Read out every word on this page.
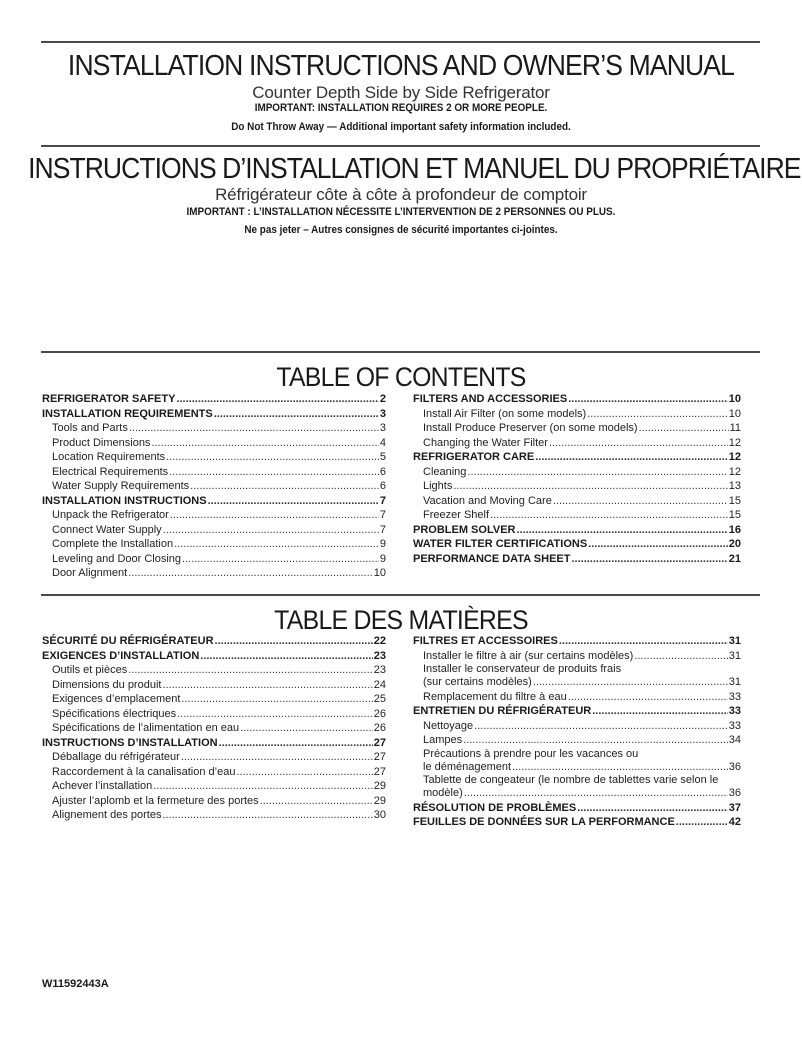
INSTALLATION INSTRUCTIONS AND OWNER’S MANUAL
Counter Depth Side by Side Refrigerator
IMPORTANT: INSTALLATION REQUIRES 2 OR MORE PEOPLE.
Do Not Throw Away — Additional important safety information included.
INSTRUCTIONS D’INSTALLATION ET MANUEL DU PROPRIÉTAIRE
Réfrigérateur côte à côte à profondeur de comptoir
IMPORTANT : L’INSTALLATION NÉCESSITE L’INTERVENTION DE 2 PERSONNES OU PLUS.
Ne pas jeter – Autres consignes de sécurité importantes ci-jointes.
TABLE OF CONTENTS
REFRIGERATOR SAFETY .....	2
INSTALLATION REQUIREMENTS .....	3
Tools and Parts .....	3
Product Dimensions .....	4
Location Requirements .....	5
Electrical Requirements .....	6
Water Supply Requirements .....	6
INSTALLATION INSTRUCTIONS .....	7
Unpack the Refrigerator .....	7
Connect Water Supply .....	7
Complete the Installation .....	9
Leveling and Door Closing .....	9
Door Alignment .....	10
FILTERS AND ACCESSORIES .....	10
Install Air Filter (on some models) .....	10
Install Produce Preserver (on some models) .....	11
Changing the Water Filter .....	12
REFRIGERATOR CARE .....	12
Cleaning .....	12
Lights .....	13
Vacation and Moving Care .....	15
Freezer Shelf .....	15
PROBLEM SOLVER .....	16
WATER FILTER CERTIFICATIONS .....	20
PERFORMANCE DATA SHEET .....	21
TABLE DES MATIÈRES
SÉCURITÉ DU RÉFRIGÉRATEUR .....	22
EXIGENCES D’INSTALLATION .....	23
Outils et pièces .....	23
Dimensions du produit .....	24
Exigences d’emplacement .....	25
Spécifications électriques .....	26
Spécifications de l’alimentation en eau .....	26
INSTRUCTIONS D’INSTALLATION .....	27
Déballage du réfrigérateur .....	27
Raccordement à la canalisation d’eau .....	27
Achever l’installation .....	29
Ajuster l’aplomb et la fermeture des portes .....	29
Alignement des portes .....	30
FILTRES ET ACCESSOIRES .....	31
Installer le filtre à air (sur certains modèles) .....	31
Installer le conservateur de produits frais
(sur certains modèles) .....	31
Remplacement du filtre à eau .....	33
ENTRETIEN DU RÉFRIGÉRATEUR .....	33
Nettoyage .....	33
Lampes .....	34
Précautions à prendre pour les vacances ou
le déménagement .....	36
Tablette de congeateur (le nombre de tablettes varie selon le
modèle) .....	36
RÉSOLUTION DE PROBLÈMES .....	37
FEUILLES DE DONNÉES SUR LA PERFORMANCE .....	42
W11592443A
